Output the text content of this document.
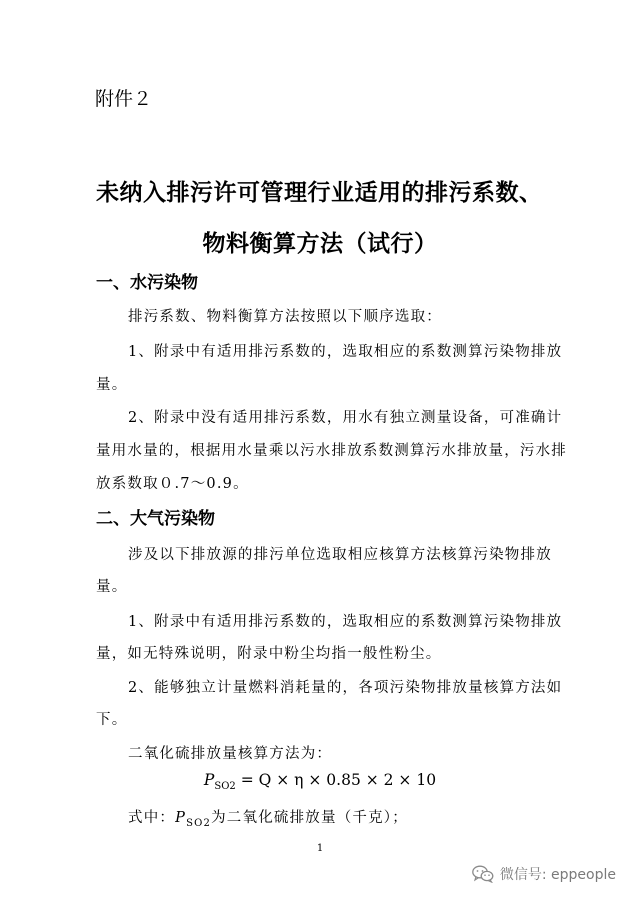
附件２
未纳入排污许可管理行业适用的排污系数、
物料衡算方法（试行）
一、水污染物
排污系数、物料衡算方法按照以下顺序选取：
1、附录中有适用排污系数的，选取相应的系数测算污染物排放
量。
2、附录中没有适用排污系数，用水有独立测量设备，可准确计
量用水量的，根据用水量乘以污水排放系数测算污水排放量，污水排
放系数取０.7～0.9。
二、大气污染物
涉及以下排放源的排污单位选取相应核算方法核算污染物排放
量。
1、附录中有适用排污系数的，选取相应的系数测算污染物排放
量，如无特殊说明，附录中粉尘均指一般性粉尘。
2、能够独立计量燃料消耗量的，各项污染物排放量核算方法如
下。
二氧化硫排放量核算方法为：
$P_{SO2} = Q \times \eta \times 0.85 \times 2 \times 10$
式中：$P_{SO2}$为二氧化硫排放量（千克）；
1
微信号: eppeople
